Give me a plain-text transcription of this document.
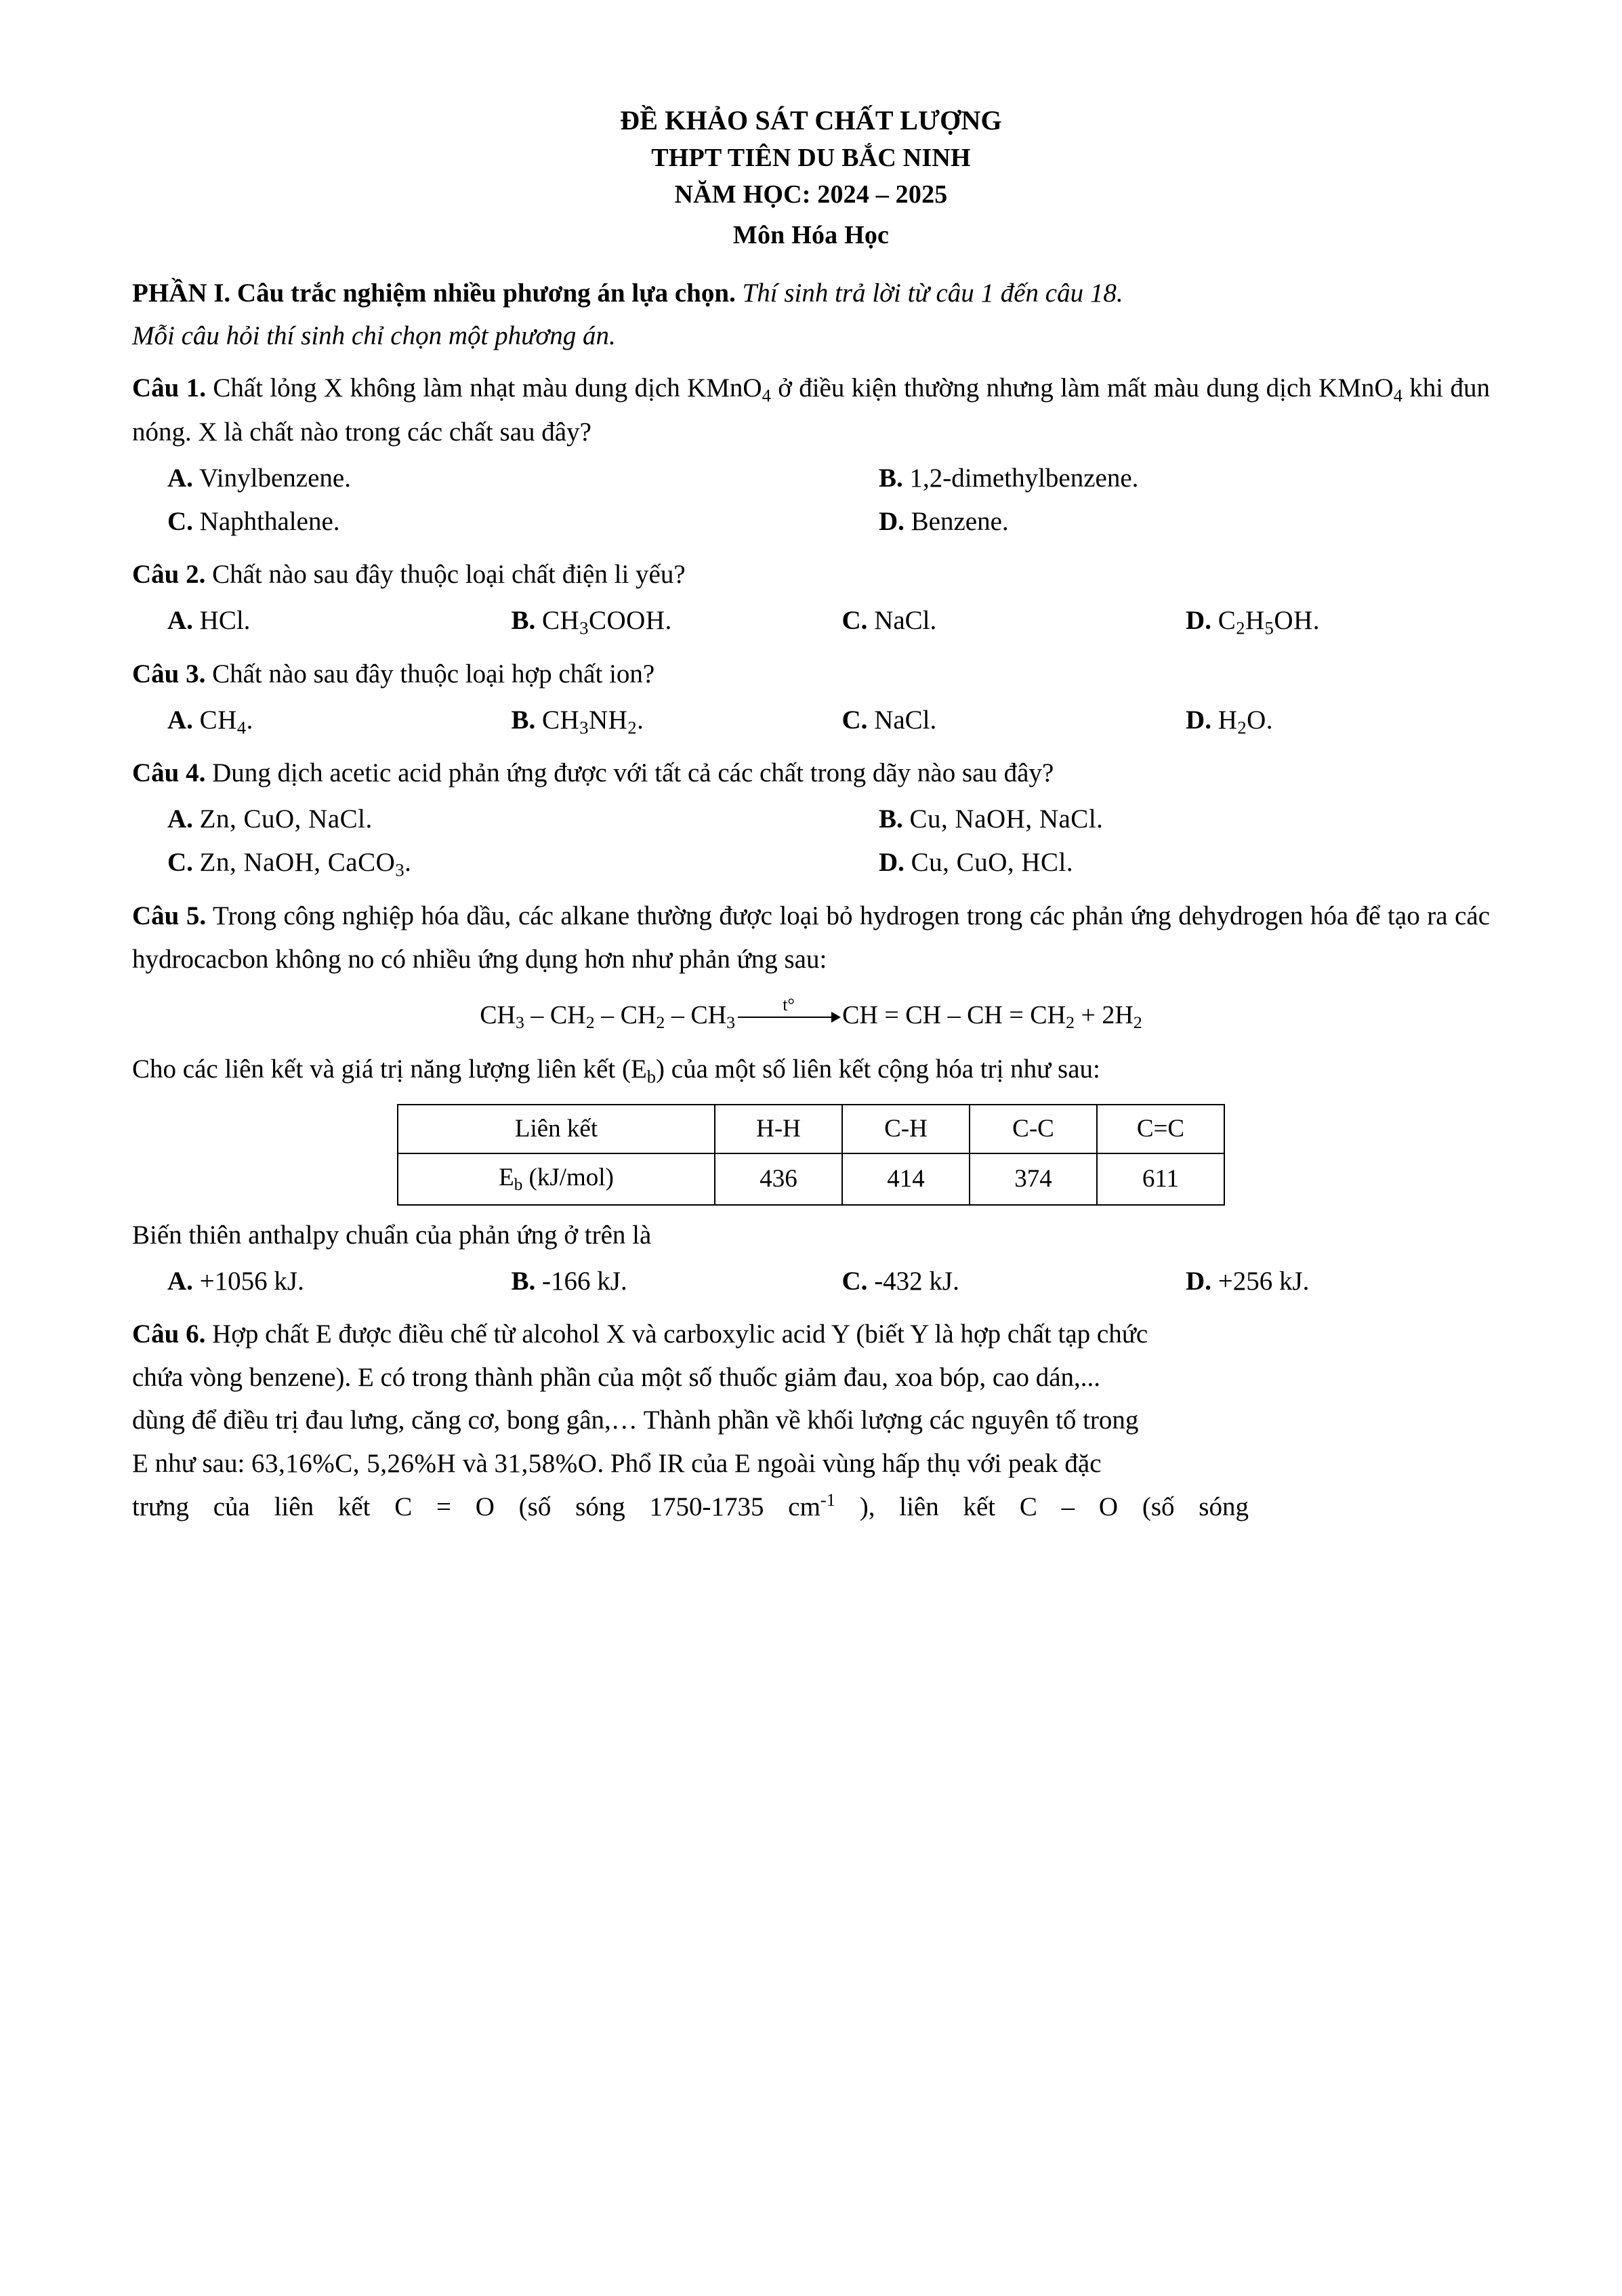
ĐỀ KHẢO SÁT CHẤT LƯỢNG
THPT TIÊN DU BẮC NINH
NĂM HỌC: 2024 – 2025
Môn Hóa Học
PHẦN I. Câu trắc nghiệm nhiều phương án lựa chọn. Thí sinh trả lời từ câu 1 đến câu 18.
Mỗi câu hỏi thí sinh chỉ chọn một phương án.
Câu 1. Chất lỏng X không làm nhạt màu dung dịch KMnO$_4$ ở điều kiện thường nhưng làm mất màu dung dịch KMnO$_4$ khi đun nóng. X là chất nào trong các chất sau đây?
A. Vinylbenzene.	B. 1,2-dimethylbenzene.
C. Naphthalene.	D. Benzene.
Câu 2. Chất nào sau đây thuộc loại chất điện li yếu?
A. HCl.	B. $CH_3COOH$.	C. NaCl.	D. $C_2H_5OH$.
Câu 3. Chất nào sau đây thuộc loại hợp chất ion?
A. $CH_4$.	B. $CH_3NH_2$.	C. NaCl.	D. $H_2O$.
Câu 4. Dung dịch acetic acid phản ứng được với tất cả các chất trong dãy nào sau đây?
A. Zn, CuO, NaCl.	B. Cu, NaOH, NaCl.
C. Zn, NaOH, CaCO$_3$.	D. Cu, CuO, HCl.
Câu 5. Trong công nghiệp hóa dầu, các alkane thường được loại bỏ hydrogen trong các phản ứng dehydrogen hóa để tạo ra các hydrocacbon không no có nhiều ứng dụng hơn như phản ứng sau:
$CH_3 - CH_2 - CH_2 - CH_3$
t° CH = CH – CH = $CH_2 + 2H_2$
Cho các liên kết và giá trị năng lượng liên kết $(E_b)$ của một số liên kết cộng hóa trị như sau:
Liên kết	H-H	C-H	C-C	C=C
$E_b$ (kJ/mol)	436	414	374	611
Biến thiên anthalpy chuẩn của phản ứng ở trên là
A. +1056 kJ.	B. -166 kJ.	C. -432 kJ.	D. +256 kJ.
Câu 6. Hợp chất E được điều chế từ alcohol X và carboxylic acid Y (biết Y là hợp chất tạp chức
chứa vòng benzene). E có trong thành phần của một số thuốc giảm đau, xoa bóp, cao dán,...
dùng để điều trị đau lưng, căng cơ, bong gân,… Thành phần về khối lượng các nguyên tố trong
E như sau: 63,16%C, 5,26%H và 31,58%O. Phổ IR của E ngoài vùng hấp thụ với peak đặc
trưng của liên kết C = O (số sóng 1750-1735 $cm^{-1}$ ), liên kết C – O (số sóng
